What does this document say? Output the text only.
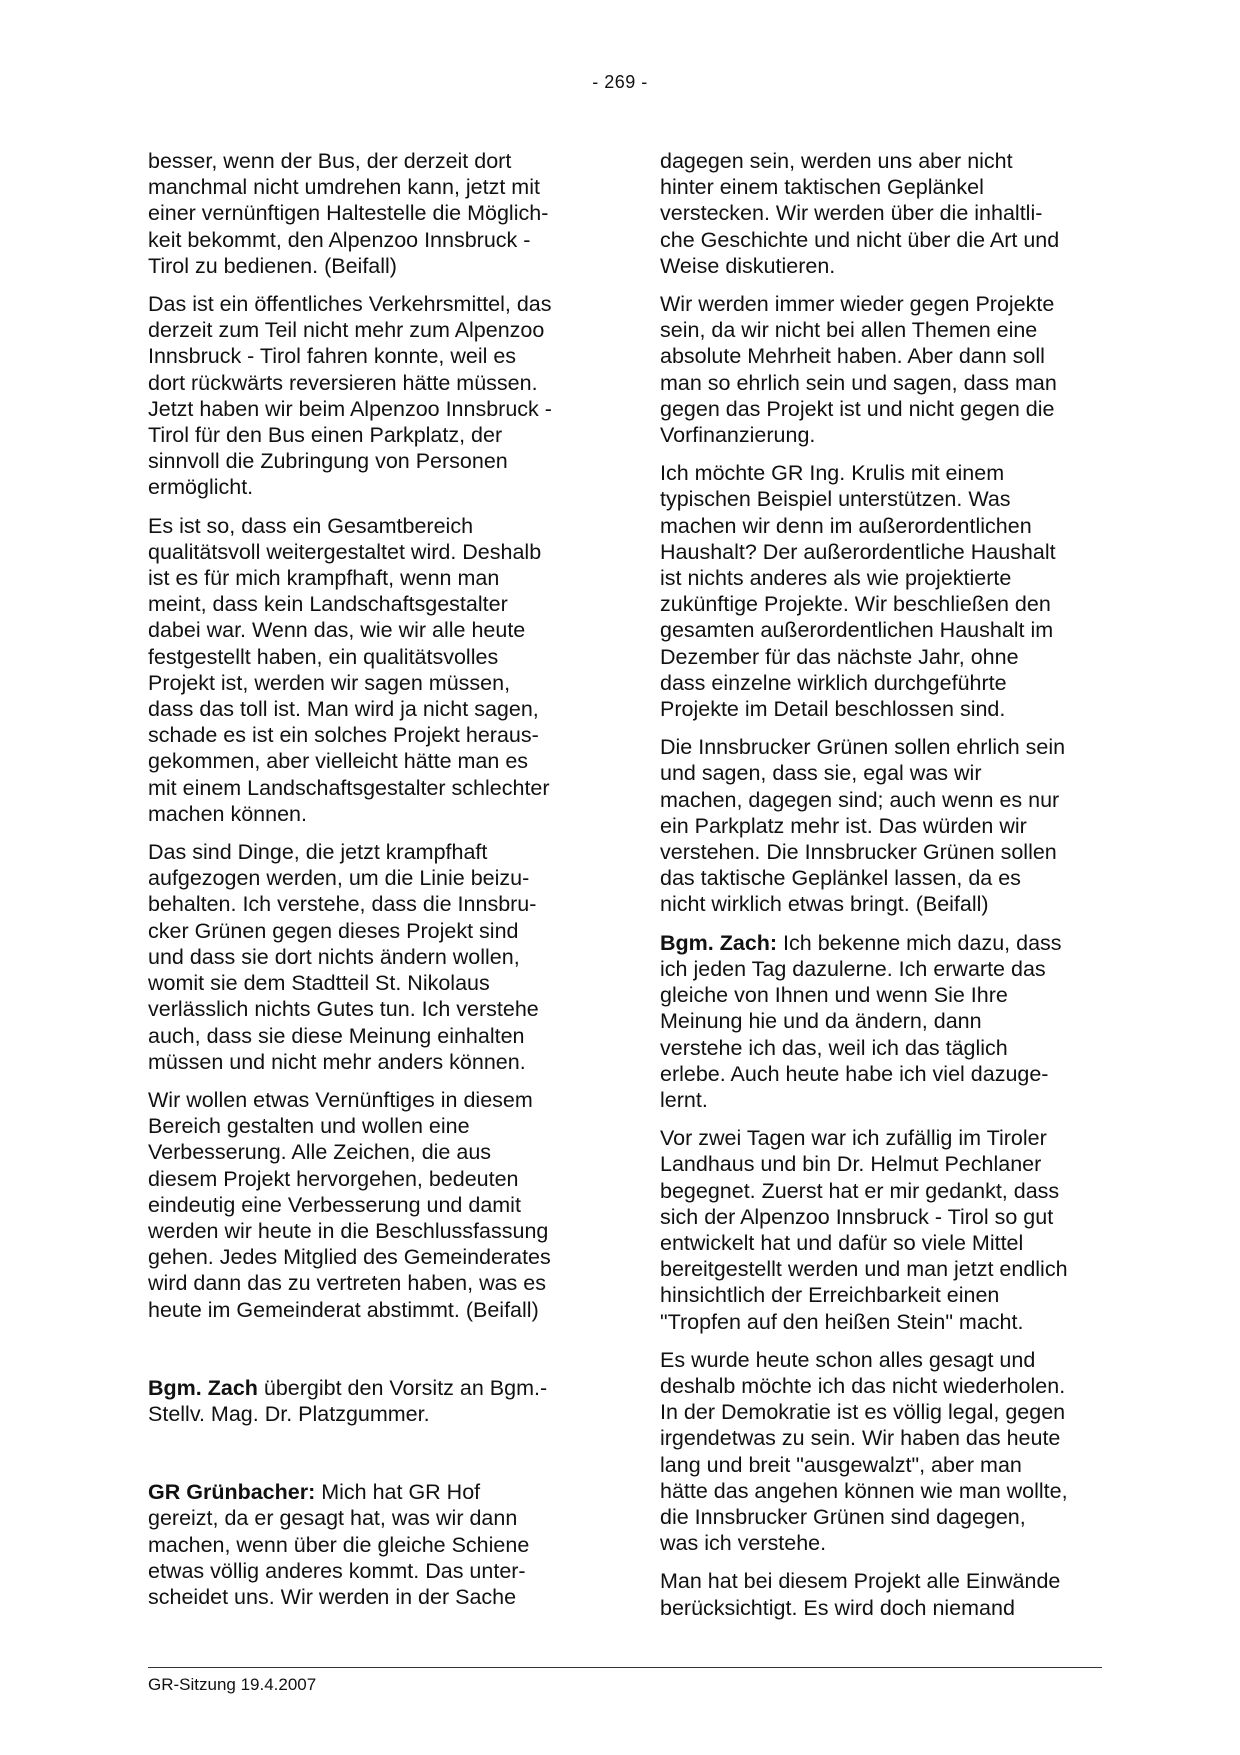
- 269 -

besser, wenn der Bus, der derzeit dort
manchmal nicht umdrehen kann, jetzt mit
einer vernünftigen Haltestelle die Möglich-
keit bekommt, den Alpenzoo Innsbruck -
Tirol zu bedienen. (Beifall)

Das ist ein öffentliches Verkehrsmittel, das
derzeit zum Teil nicht mehr zum Alpenzoo
Innsbruck - Tirol fahren konnte, weil es
dort rückwärts reversieren hätte müssen.
Jetzt haben wir beim Alpenzoo Innsbruck -
Tirol für den Bus einen Parkplatz, der
sinnvoll die Zubringung von Personen
ermöglicht.

Es ist so, dass ein Gesamtbereich
qualitätsvoll weitergestaltet wird. Deshalb
ist es für mich krampfhaft, wenn man
meint, dass kein Landschaftsgestalter
dabei war. Wenn das, wie wir alle heute
festgestellt haben, ein qualitätsvolles
Projekt ist, werden wir sagen müssen,
dass das toll ist. Man wird ja nicht sagen,
schade es ist ein solches Projekt heraus-
gekommen, aber vielleicht hätte man es
mit einem Landschaftsgestalter schlechter
machen können.

Das sind Dinge, die jetzt krampfhaft
aufgezogen werden, um die Linie beizu-
behalten. Ich verstehe, dass die Innsbru-
cker Grünen gegen dieses Projekt sind
und dass sie dort nichts ändern wollen,
womit sie dem Stadtteil St. Nikolaus
verlässlich nichts Gutes tun. Ich verstehe
auch, dass sie diese Meinung einhalten
müssen und nicht mehr anders können.

Wir wollen etwas Vernünftiges in diesem
Bereich gestalten und wollen eine
Verbesserung. Alle Zeichen, die aus
diesem Projekt hervorgehen, bedeuten
eindeutig eine Verbesserung und damit
werden wir heute in die Beschlussfassung
gehen. Jedes Mitglied des Gemeinderates
wird dann das zu vertreten haben, was es
heute im Gemeinderat abstimmt. (Beifall)

Bgm. Zach übergibt den Vorsitz an Bgm.-
Stellv. Mag. Dr. Platzgummer.

GR Grünbacher: Mich hat GR Hof
gereizt, da er gesagt hat, was wir dann
machen, wenn über die gleiche Schiene
etwas völlig anderes kommt. Das unter-
scheidet uns. Wir werden in der Sache

dagegen sein, werden uns aber nicht
hinter einem taktischen Geplänkel
verstecken. Wir werden über die inhaltli-
che Geschichte und nicht über die Art und
Weise diskutieren.

Wir werden immer wieder gegen Projekte
sein, da wir nicht bei allen Themen eine
absolute Mehrheit haben. Aber dann soll
man so ehrlich sein und sagen, dass man
gegen das Projekt ist und nicht gegen die
Vorfinanzierung.

Ich möchte GR Ing. Krulis mit einem
typischen Beispiel unterstützen. Was
machen wir denn im außerordentlichen
Haushalt? Der außerordentliche Haushalt
ist nichts anderes als wie projektierte
zukünftige Projekte. Wir beschließen den
gesamten außerordentlichen Haushalt im
Dezember für das nächste Jahr, ohne
dass einzelne wirklich durchgeführte
Projekte im Detail beschlossen sind.

Die Innsbrucker Grünen sollen ehrlich sein
und sagen, dass sie, egal was wir
machen, dagegen sind; auch wenn es nur
ein Parkplatz mehr ist. Das würden wir
verstehen. Die Innsbrucker Grünen sollen
das taktische Geplänkel lassen, da es
nicht wirklich etwas bringt. (Beifall)

Bgm. Zach: Ich bekenne mich dazu, dass
ich jeden Tag dazulerne. Ich erwarte das
gleiche von Ihnen und wenn Sie Ihre
Meinung hie und da ändern, dann
verstehe ich das, weil ich das täglich
erlebe. Auch heute habe ich viel dazuge-
lernt.

Vor zwei Tagen war ich zufällig im Tiroler
Landhaus und bin Dr. Helmut Pechlaner
begegnet. Zuerst hat er mir gedankt, dass
sich der Alpenzoo Innsbruck - Tirol so gut
entwickelt hat und dafür so viele Mittel
bereitgestellt werden und man jetzt endlich
hinsichtlich der Erreichbarkeit einen
"Tropfen auf den heißen Stein" macht.

Es wurde heute schon alles gesagt und
deshalb möchte ich das nicht wiederholen.
In der Demokratie ist es völlig legal, gegen
irgendetwas zu sein. Wir haben das heute
lang und breit "ausgewalzt", aber man
hätte das angehen können wie man wollte,
die Innsbrucker Grünen sind dagegen,
was ich verstehe.

Man hat bei diesem Projekt alle Einwände
berücksichtigt. Es wird doch niemand

GR-Sitzung 19.4.2007
